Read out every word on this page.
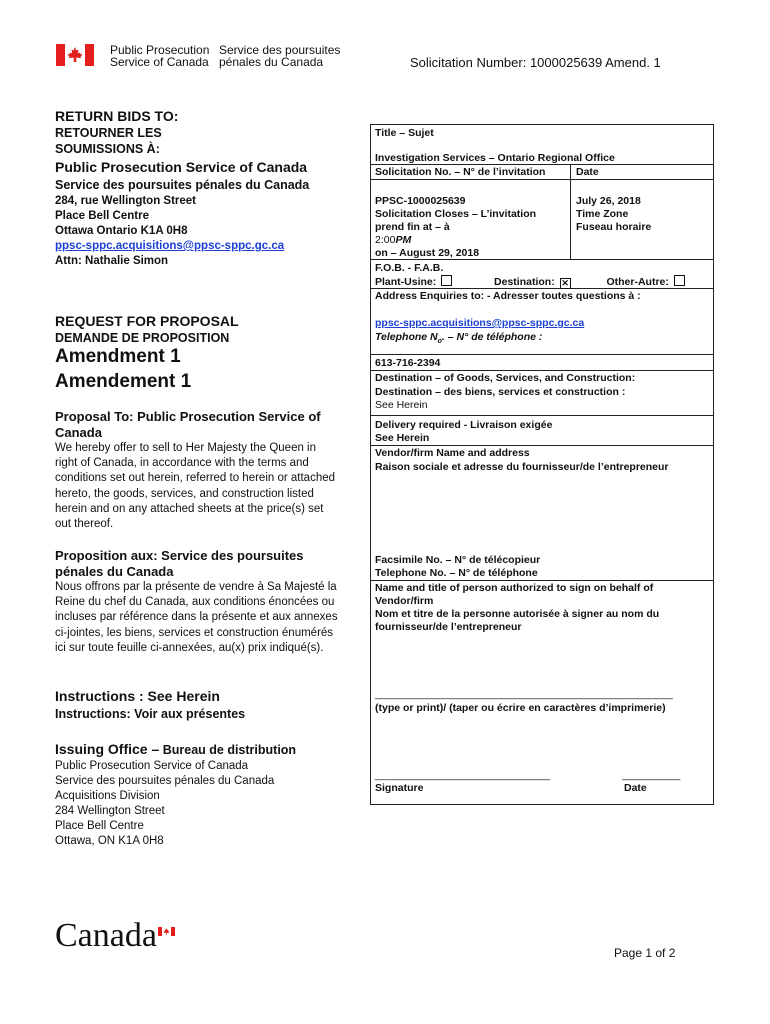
Public Prosecution
Service of Canada
Service des poursuites
pénales du Canada	Solicitation Number: 1000025639 Amend. 1
RETURN BIDS TO:
RETOURNER LES
SOUMISSIONS À:
Public Prosecution Service of Canada
Service des poursuites pénales du Canada
284, rue Wellington Street
Place Bell Centre
Ottawa Ontario K1A 0H8
ppsc-sppc.acquisitions@ppsc-sppc.gc.ca
Attn: Nathalie Simon
REQUEST FOR PROPOSAL
DEMANDE DE PROPOSITION
Amendment 1
Amendement 1
Proposal To: Public Prosecution Service of
Canada
We hereby offer to sell to Her Majesty the Queen in
right of Canada, in accordance with the terms and
conditions set out herein, referred to herein or attached
hereto, the goods, services, and construction listed
herein and on any attached sheets at the price(s) set
out thereof.
Proposition aux: Service des poursuites
pénales du Canada
Nous offrons par la présente de vendre à Sa Majesté la
Reine du chef du Canada, aux conditions énoncées ou
incluses par référence dans la présente et aux annexes
ci-jointes, les biens, services et construction énumérés
ici sur toute feuille ci-annexées, au(x) prix indiqué(s).
Instructions : See Herein
Instructions: Voir aux présentes
Issuing Office – Bureau de distribution
Public Prosecution Service of Canada
Service des poursuites pénales du Canada
Acquisitions Division
284 Wellington Street
Place Bell Centre
Ottawa, ON K1A 0H8
Title – Sujet
Investigation Services – Ontario Regional Office
Solicitation No. – N° de l’invitation	Date
PPSC-1000025639	July 26, 2018
Solicitation Closes – L’invitation	Time Zone
prend fin at – à	Fuseau horaire
2:00PM
on – August 29, 2018
F.O.B. - F.A.B.
Plant-Usine:	Destination: ✕	Other-Autre:
Address Enquiries to: - Adresser toutes questions à :
ppsc-sppc.acquisitions@ppsc-sppc.gc.ca
Telephone $N_o$. – N° de téléphone :
613-716-2394
Destination – of Goods, Services, and Construction:
Destination – des biens, services et construction :
See Herein
Delivery required - Livraison exigée
See Herein
Vendor/firm Name and address
Raison sociale et adresse du fournisseur/de l’entrepreneur
Facsimile No. – N° de télécopieur
Telephone No. – N° de téléphone
Name and title of person authorized to sign on behalf of
Vendor/firm
Nom et titre de la personne autorisée à signer au nom du
fournisseur/de l’entrepreneur
___________________________________________________
(type or print)/ (taper ou écrire en caractères d’imprimerie)
______________________________	__________
Signature	Date
Canada	Page 1 of 2
